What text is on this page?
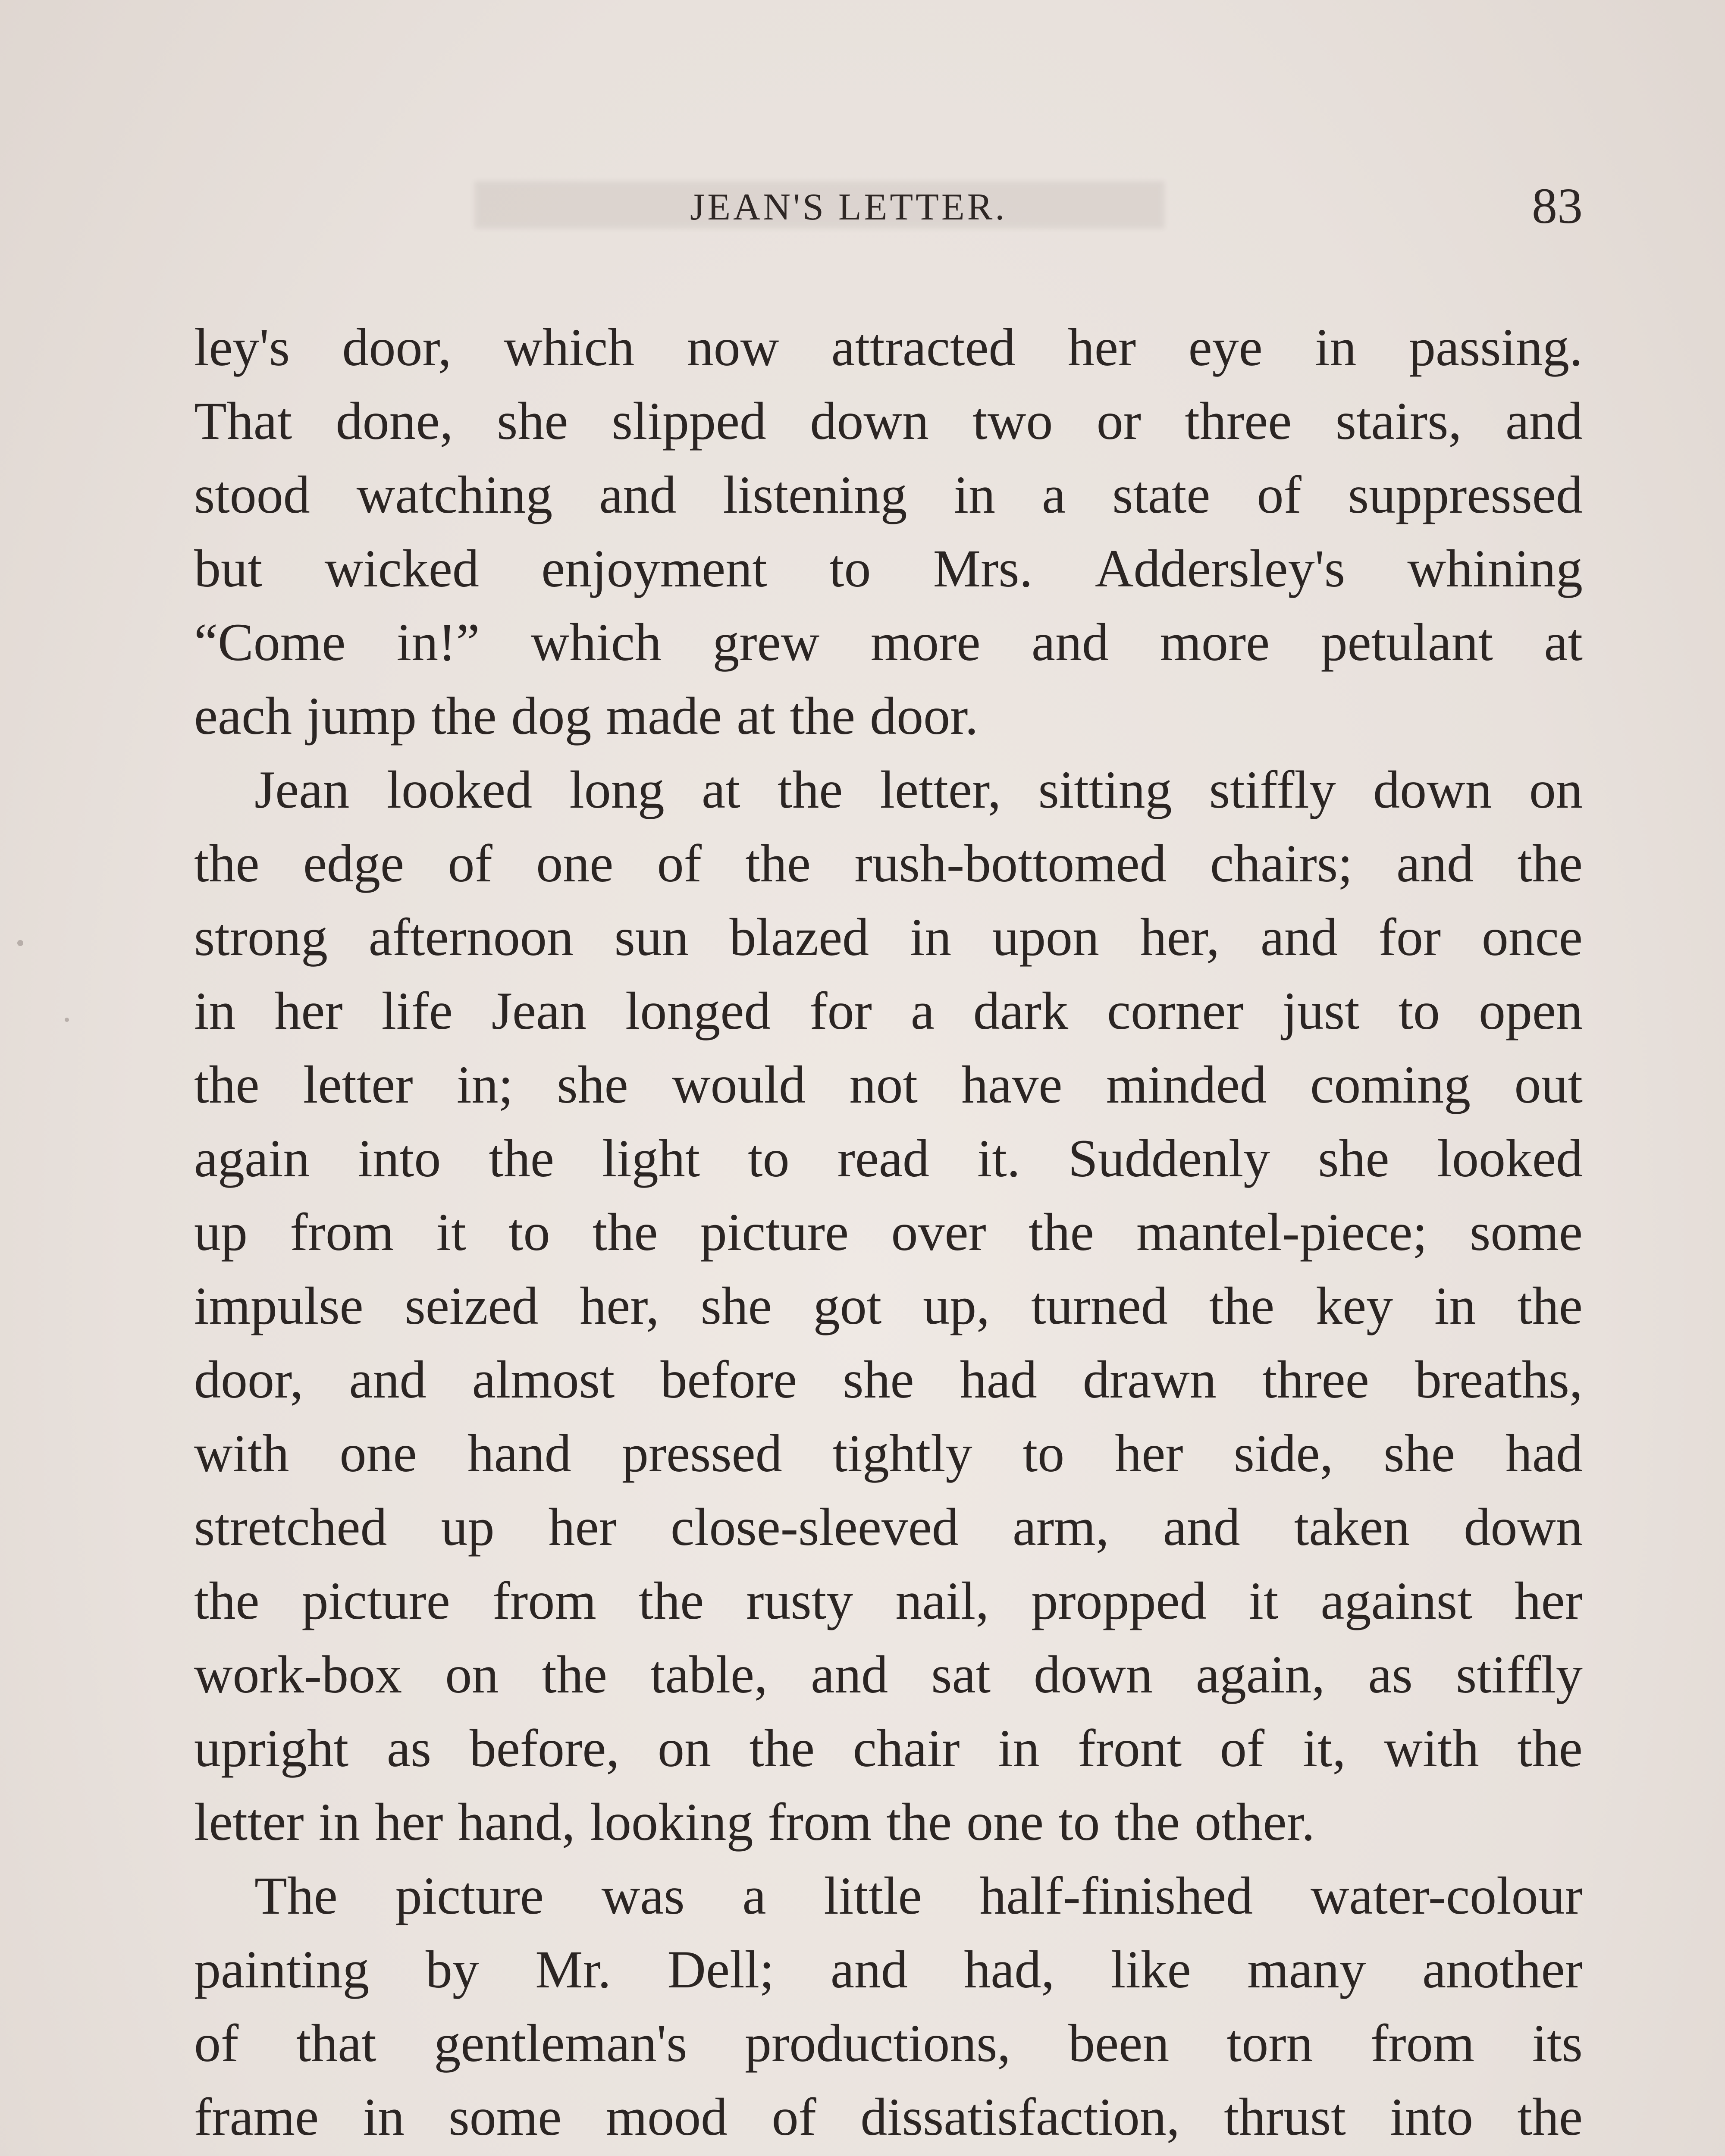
JEAN'S LETTER.	83
ley's door, which now attracted her eye in passing.
That done, she slipped down two or three stairs, and
stood watching and listening in a state of suppressed
but wicked enjoyment to Mrs. Addersley's whining
“Come in!” which grew more and more petulant at
each jump the dog made at the door.
Jean looked long at the letter, sitting stiffly down on
the edge of one of the rush-bottomed chairs; and the
strong afternoon sun blazed in upon her, and for once
in her life Jean longed for a dark corner just to open
the letter in; she would not have minded coming out
again into the light to read it. Suddenly she looked
up from it to the picture over the mantel-piece; some
impulse seized her, she got up, turned the key in the
door, and almost before she had drawn three breaths,
with one hand pressed tightly to her side, she had
stretched up her close-sleeved arm, and taken down
the picture from the rusty nail, propped it against her
work-box on the table, and sat down again, as stiffly
upright as before, on the chair in front of it, with the
letter in her hand, looking from the one to the other.
The picture was a little half-finished water-colour
painting by Mr. Dell; and had, like many another
of that gentleman's productions, been torn from its
frame in some mood of dissatisfaction, thrust into the
